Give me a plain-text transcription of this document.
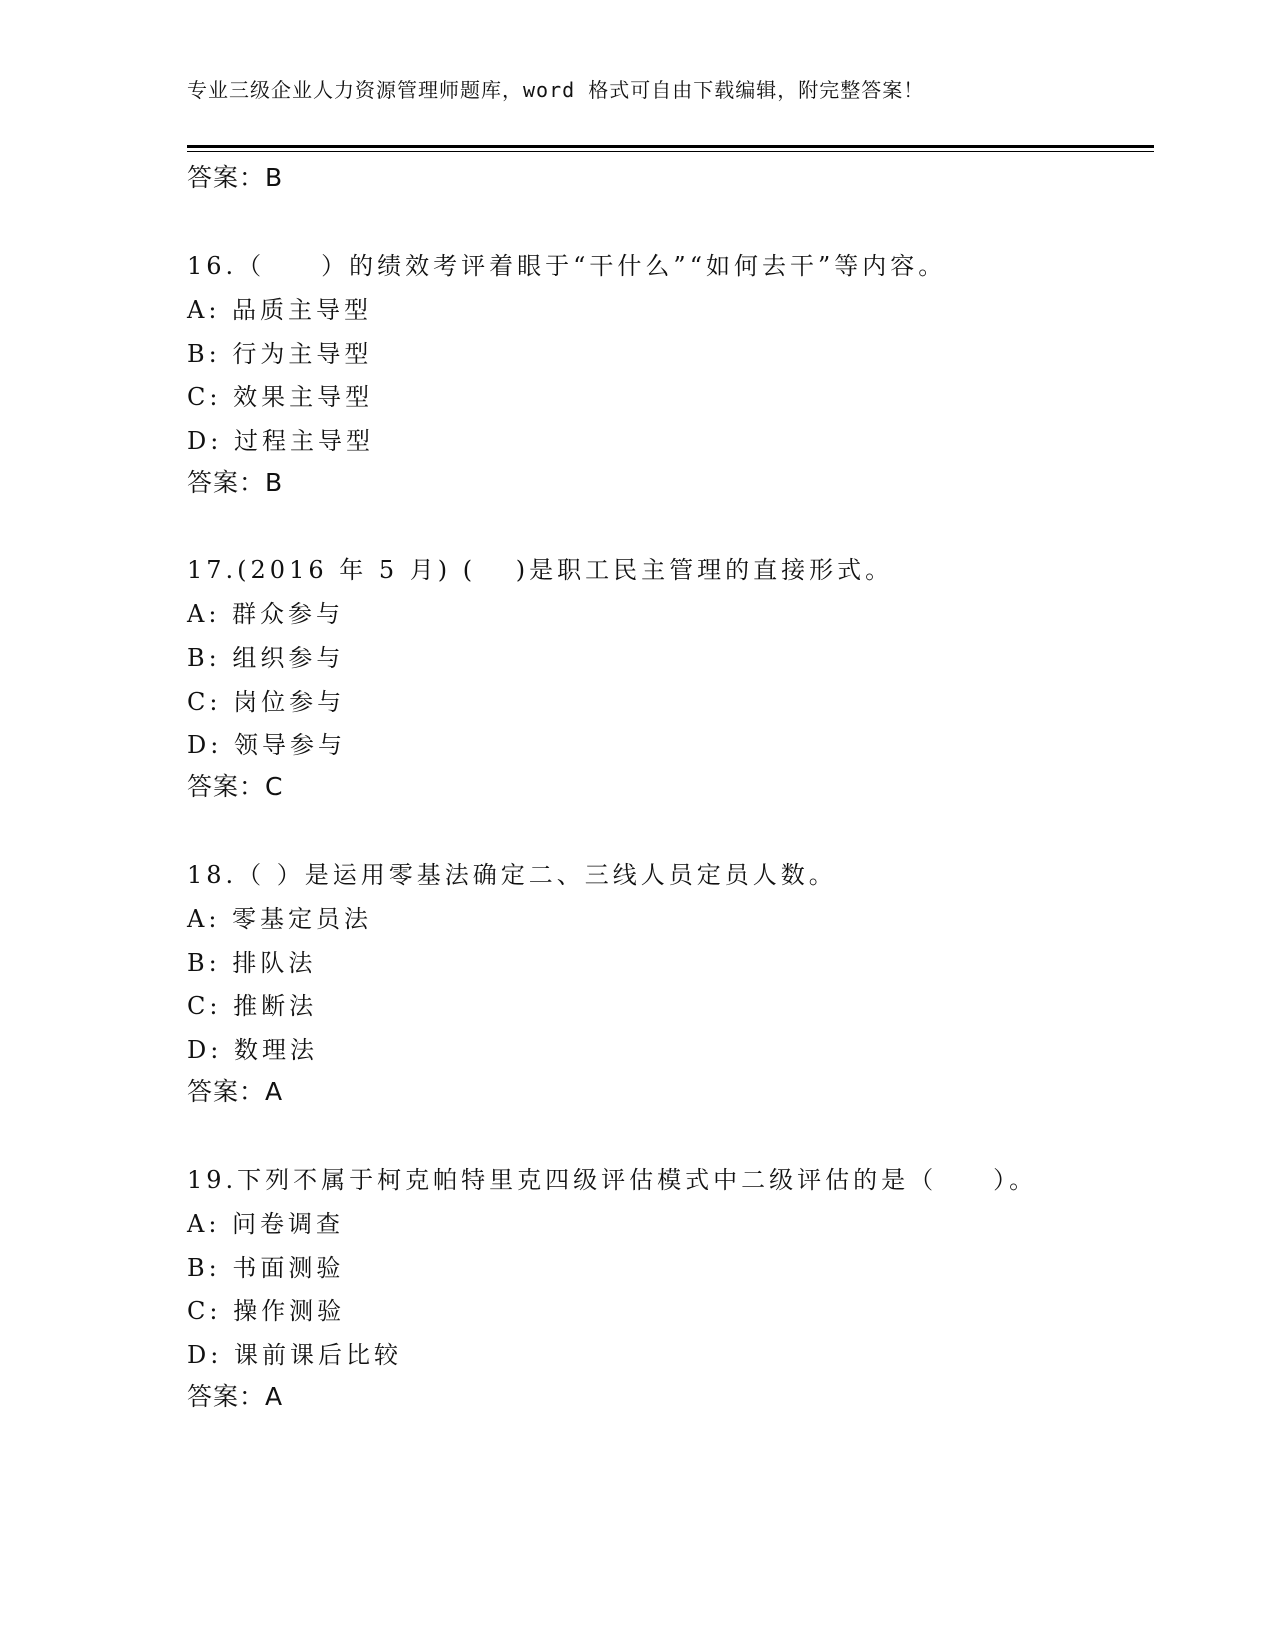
专业三级企业人力资源管理师题库，word 格式可自由下载编辑，附完整答案！
答案：B
16.（　　）的绩效考评着眼于“干什么”“如何去干”等内容。
A: 品质主导型
B: 行为主导型
C: 效果主导型
D: 过程主导型
答案：B
17.(2016 年 5 月) (　 )是职工民主管理的直接形式。
A: 群众参与
B: 组织参与
C: 岗位参与
D: 领导参与
答案：C
18.（ ）是运用零基法确定二、三线人员定员人数。
A: 零基定员法
B: 排队法
C: 推断法
D: 数理法
答案：A
19.下列不属于柯克帕特里克四级评估模式中二级评估的是（　　）。
A: 问卷调查
B: 书面测验
C: 操作测验
D: 课前课后比较
答案：A
